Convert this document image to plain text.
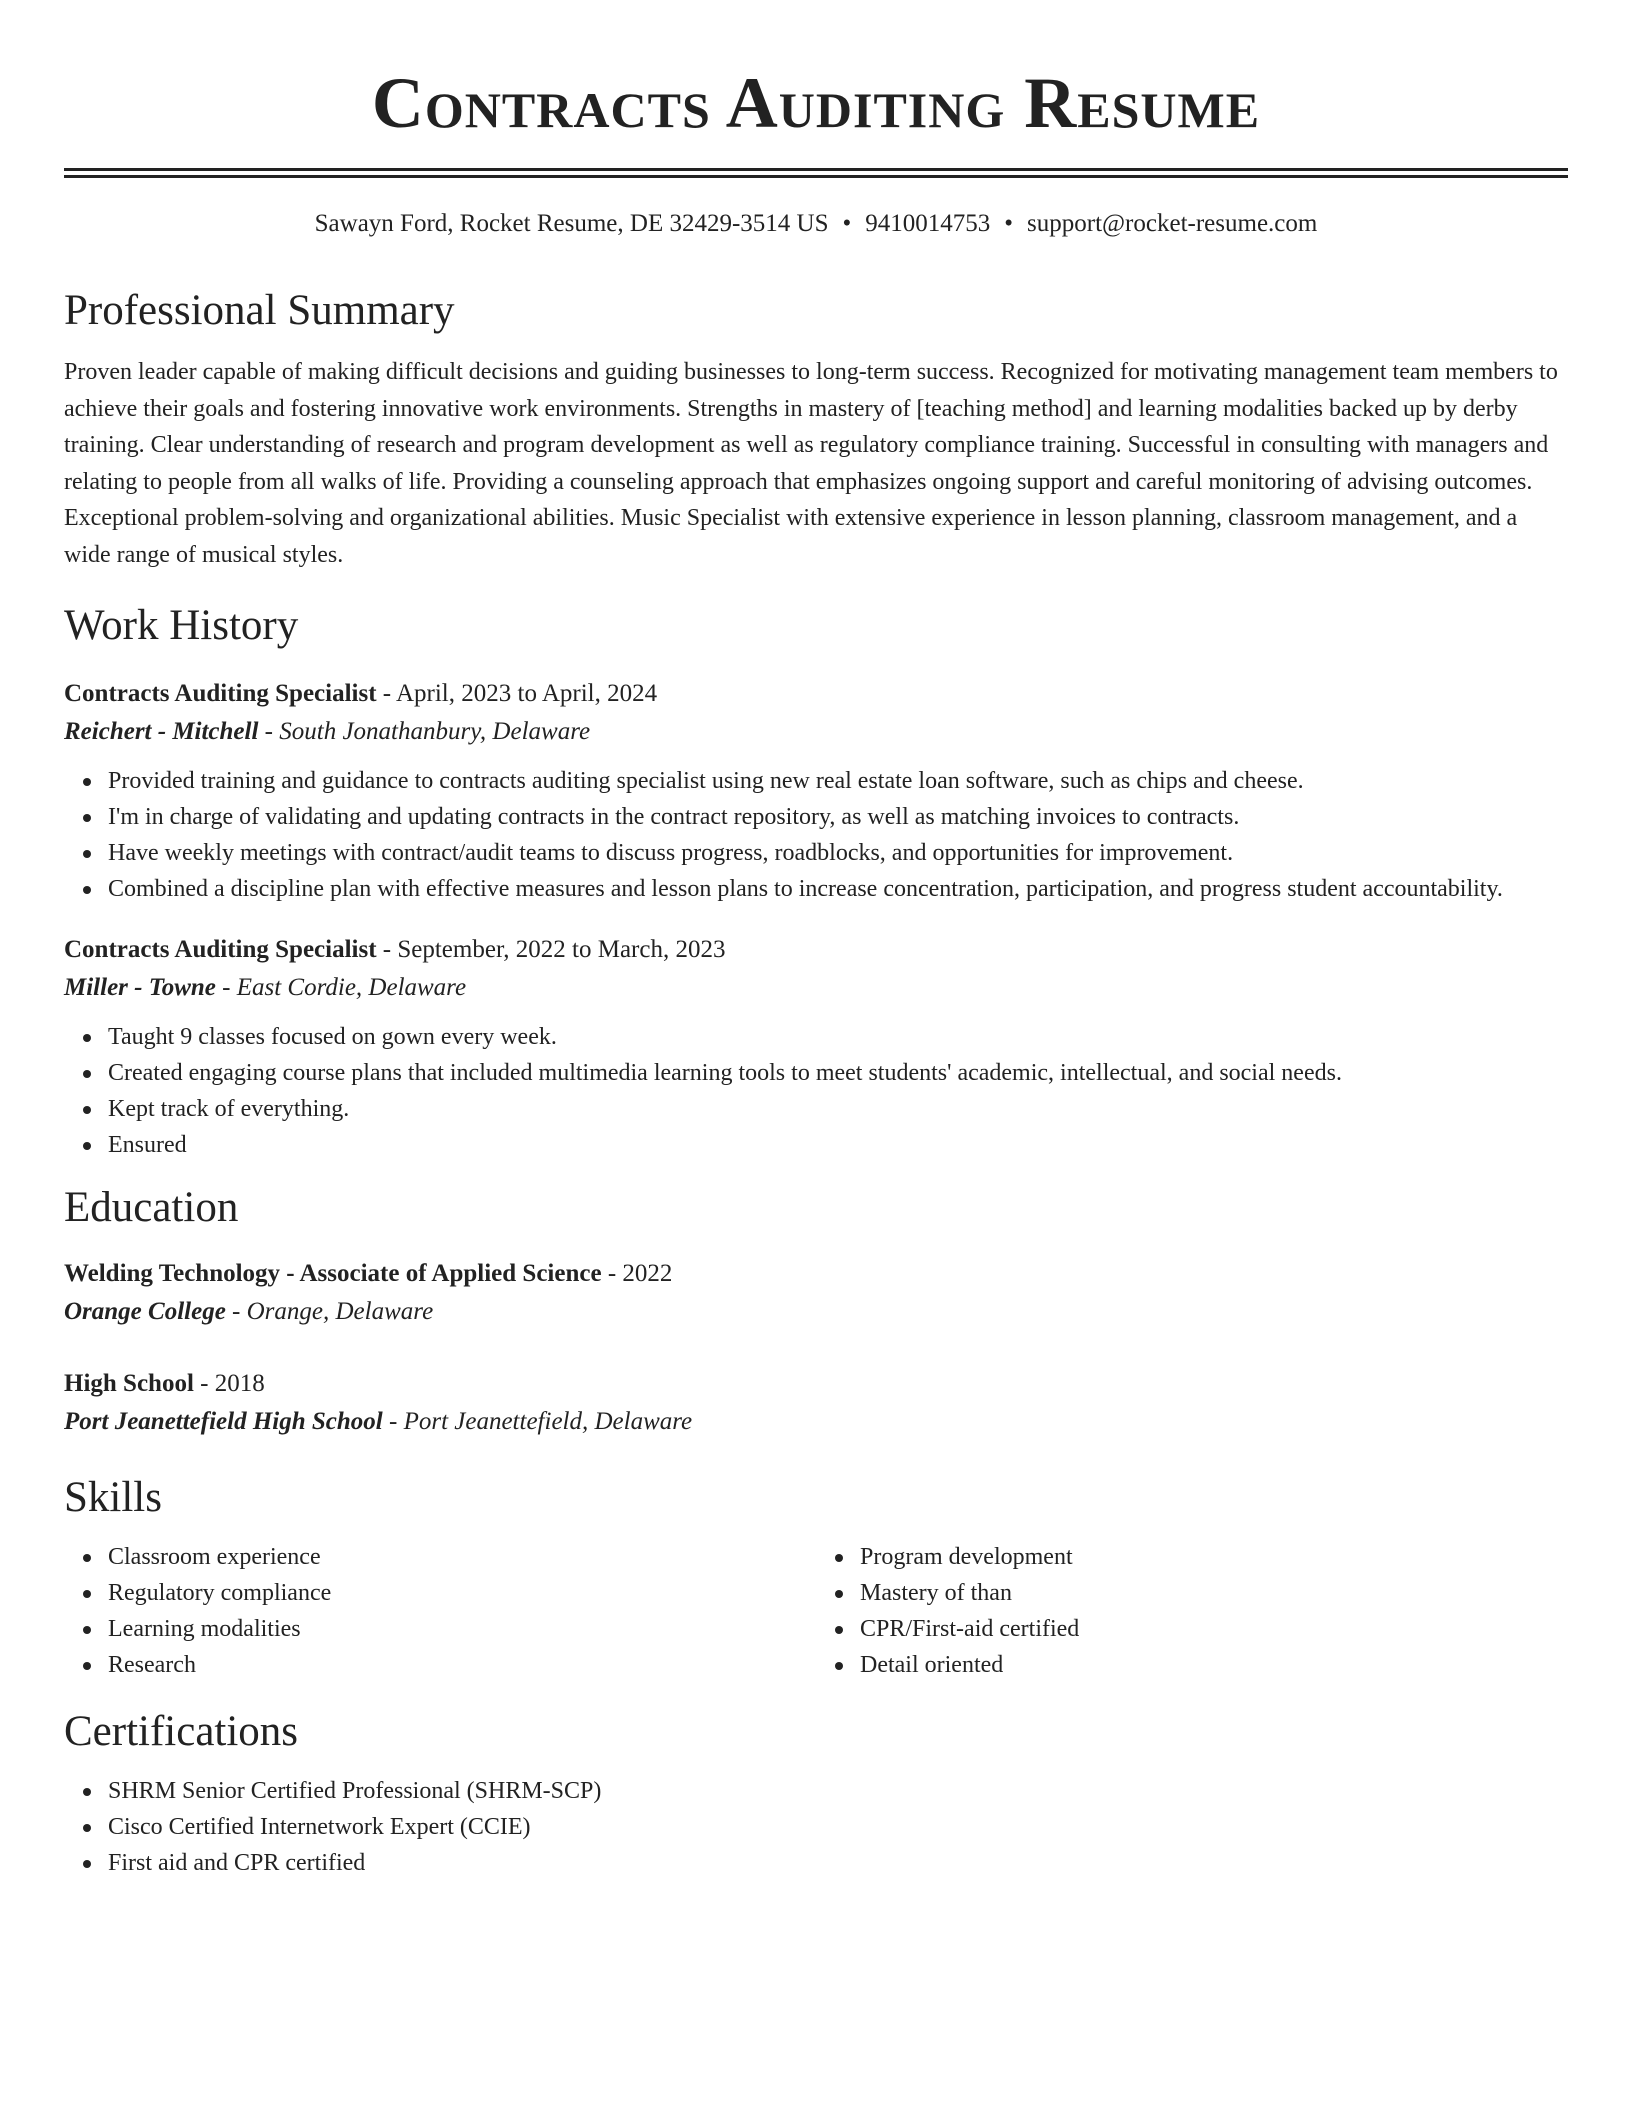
Contracts Auditing Resume
Sawayn Ford, Rocket Resume, DE 32429-3514 US • 9410014753 • support@rocket-resume.com
Professional Summary

Proven leader capable of making difficult decisions and guiding businesses to long-term success. Recognized for motivating management team members to achieve their goals and fostering innovative work environments. Strengths in mastery of [teaching method] and learning modalities backed up by derby training. Clear understanding of research and program development as well as regulatory compliance training. Successful in consulting with managers and relating to people from all walks of life. Providing a counseling approach that emphasizes ongoing support and careful monitoring of advising outcomes. Exceptional problem-solving and organizational abilities. Music Specialist with extensive experience in lesson planning, classroom management, and a wide range of musical styles.

Work History
Contracts Auditing Specialist - April, 2023 to April, 2024
Reichert - Mitchell - South Jonathanbury, Delaware
Provided training and guidance to contracts auditing specialist using new real estate loan software, such as chips and cheese.
I'm in charge of validating and updating contracts in the contract repository, as well as matching invoices to contracts.
Have weekly meetings with contract/audit teams to discuss progress, roadblocks, and opportunities for improvement.
Combined a discipline plan with effective measures and lesson plans to increase concentration, participation, and progress student accountability.
Contracts Auditing Specialist - September, 2022 to March, 2023
Miller - Towne - East Cordie, Delaware
Taught 9 classes focused on gown every week.
Created engaging course plans that included multimedia learning tools to meet students' academic, intellectual, and social needs.
Kept track of everything.
Ensured
Education
Welding Technology - Associate of Applied Science - 2022
Orange College - Orange, Delaware
High School - 2018
Port Jeanettefield High School - Port Jeanettefield, Delaware
Skills
Classroom experience
Regulatory compliance
Learning modalities
Research
Program development
Mastery of than
CPR/First-aid certified
Detail oriented
Certifications
SHRM Senior Certified Professional (SHRM-SCP)
Cisco Certified Internetwork Expert (CCIE)
First aid and CPR certified
